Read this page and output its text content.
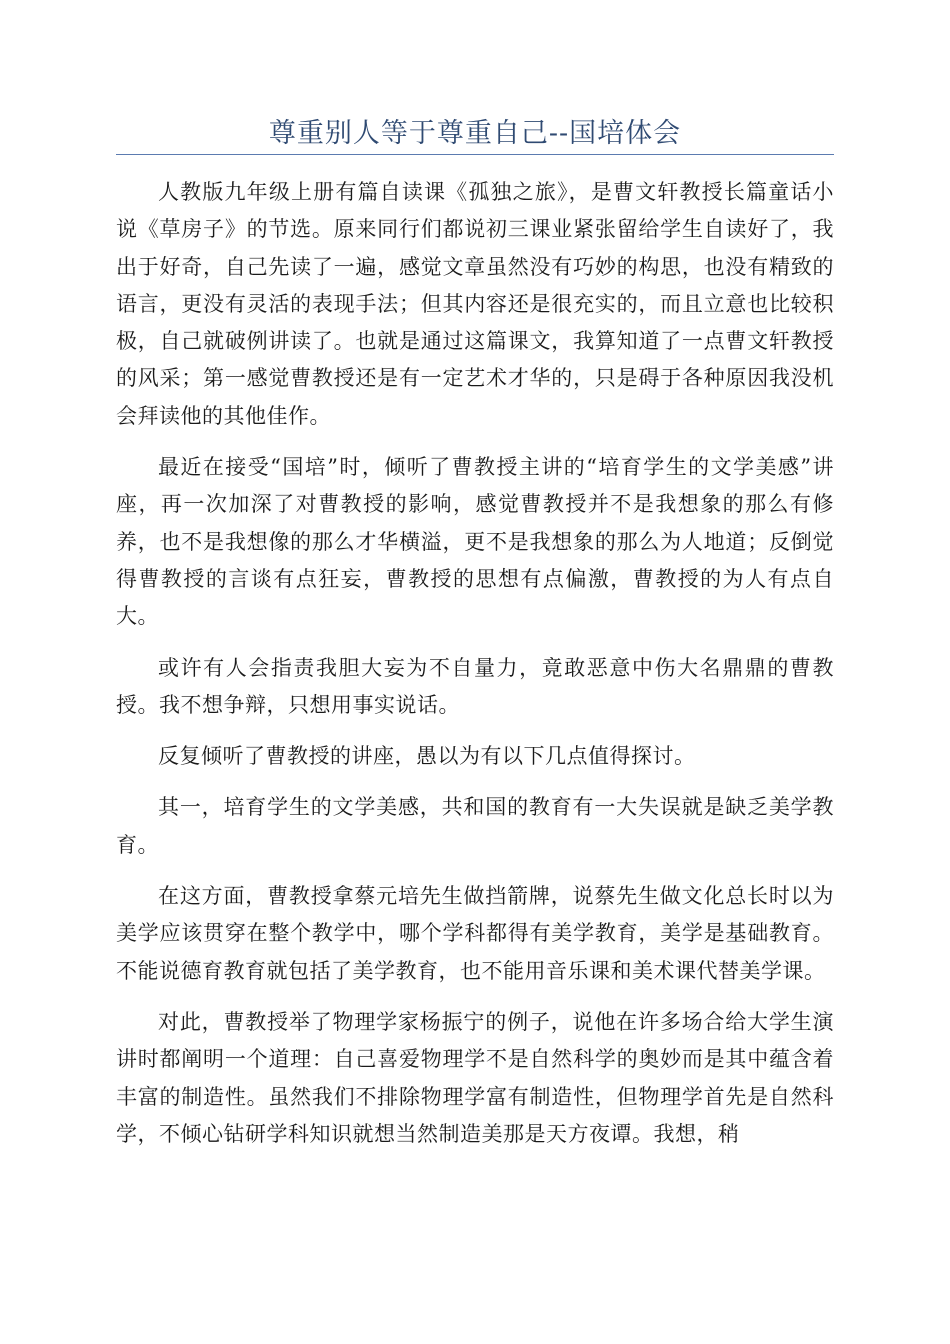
尊重别人等于尊重自己--国培体会

人教版九年级上册有篇自读课《孤独之旅》，是曹文轩教授长篇童话小说《草房子》的节选。原来同行们都说初三课业紧张留给学生自读好了，我出于好奇，自己先读了一遍，感觉文章虽然没有巧妙的构思，也没有精致的语言，更没有灵活的表现手法；但其内容还是很充实的，而且立意也比较积极，自己就破例讲读了。也就是通过这篇课文，我算知道了一点曹文轩教授的风采；第一感觉曹教授还是有一定艺术才华的，只是碍于各种原因我没机会拜读他的其他佳作。

最近在接受“国培”时，倾听了曹教授主讲的“培育学生的文学美感”讲座，再一次加深了对曹教授的影响，感觉曹教授并不是我想象的那么有修养，也不是我想像的那么才华横溢，更不是我想象的那么为人地道；反倒觉得曹教授的言谈有点狂妄，曹教授的思想有点偏激，曹教授的为人有点自大。

或许有人会指责我胆大妄为不自量力，竟敢恶意中伤大名鼎鼎的曹教授。我不想争辩，只想用事实说话。

反复倾听了曹教授的讲座，愚以为有以下几点值得探讨。

其一，培育学生的文学美感，共和国的教育有一大失误就是缺乏美学教育。

在这方面，曹教授拿蔡元培先生做挡箭牌，说蔡先生做文化总长时以为美学应该贯穿在整个教学中，哪个学科都得有美学教育，美学是基础教育。不能说德育教育就包括了美学教育，也不能用音乐课和美术课代替美学课。

对此，曹教授举了物理学家杨振宁的例子，说他在许多场合给大学生演讲时都阐明一个道理：自己喜爱物理学不是自然科学的奥妙而是其中蕴含着丰富的制造性。虽然我们不排除物理学富有制造性，但物理学首先是自然科学，不倾心钻研学科知识就想当然制造美那是天方夜谭。我想，稍
